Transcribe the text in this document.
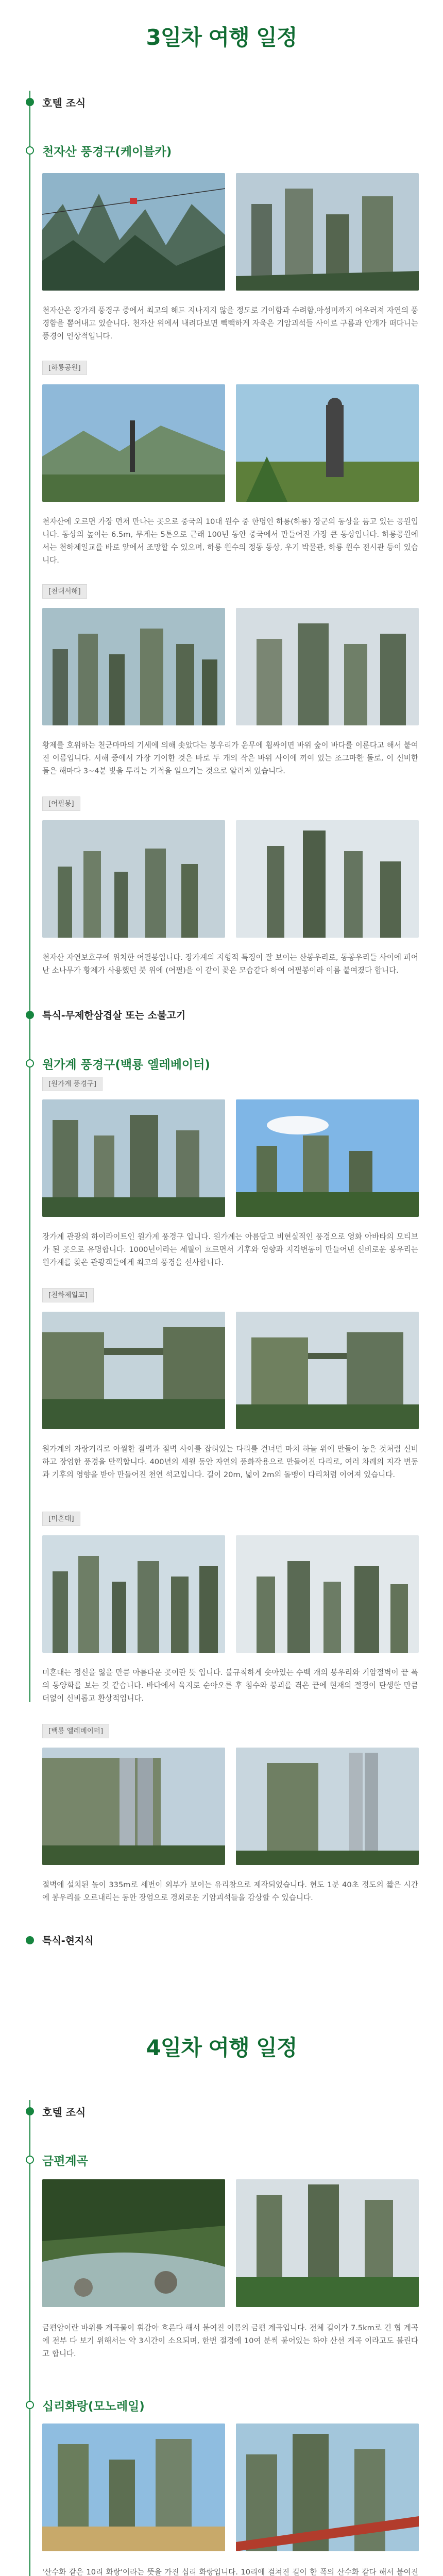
3일차 여행 일정
호텔 조식
천자산 풍경구(케이블카)
천자산은 장가계 풍경구 중에서 최고의 해드 지나지지 않을 정도로 기이함과 수려함,아성미까지 어우러져 자연의 풍경함을 뽐어내고 있습니다. 천자산 위에서 내려다보면 빽빽하게 자욱은 기암괴석들 사이로 구름과 안개가 떠다니는 풍경이 인상적입니다.
[하룡공원]
천자산에 오르면 가장 먼저 만나는 곳으로 중국의 10대 원수 중 한명인 하룡(하룡) 장군의 동상을 품고 있는 공원입니다. 동상의 높이는 6.5m, 무게는 5톤으로 근래 100년 동안 중국에서 만들어진 가장 큰 동상입니다. 하룡공원에서는 천하제일교를 바로 앞에서 조망할 수 있으며, 하룡 원수의 정동 동상, 우기 박물관, 하룡 원수 전시관 등이 있습니다.
[천대서해]
황제를 호위하는 천군마마의 기세에 의해 솟았다는 봉우리가 운무에 휩싸이면 바위 숲이 바다를 이룬다고 해서 붙여진 이름입니다. 서해 중에서 가장 기이한 것은 바로 두 개의 작은 바위 사이에 끼여 있는 조그마한 돌로, 이 신비한 돌은 해마다 3~4분 빛을 투리는 기적을 일으키는 것으로 알려져 있습니다.
[어필봉]
천자산 자연보호구에 위치한 어필봉입니다. 장가계의 지형적 특징이 잘 보이는 산봉우리로, 동봉우리들 사이에 피어난 소나무가 황제가 사용했던 붓 위에 (어필)을 이 같이 꽂은 모습같다 하여 어필봉이라 이름 붙여졌다 합니다.
특식-무제한삼겹살 또는 소불고기
원가계 풍경구(백룡 엘레베이터)
[원가계 풍경구]
장가계 관광의 하이라이트인 원가계 풍경구 입니다. 원가계는 아름답고 비현실적인 풍경으로 영화 아바타의 모티브가 된 곳으로 유명합니다. 1000년이라는 세월이 흐르면서 기후와 영향과 지각변동이 만들어낸 신비로운 봉우리는 원가계를 찾은 관광객들에게 최고의 풍경을 선사합니다.
[천하제일교]
원가계의 자랑거리로 아찔한 절벽과 절벽 사이를 잡혀있는 다리를 건너면 마치 하늘 위에 만들어 놓은 것처럼 신비하고 장엄한 풍경을 만끽합니다. 400년의 세월 동안 자연의 풍화작용으로 만들어진 다리로, 여러 차례의 지각 변동과 기후의 영향을 받아 만들어진 천연 석교입니다. 길이 20m, 넓이 2m의 돌맹이 다리처럼 이어져 있습니다.
[미혼대]
미혼대는 정신을 잃을 만큼 아름다운 곳이란 뜻 입니다. 불규칙하게 솟아있는 수백 개의 봉우리와 기암절벽이 끝 폭의 동양화를 보는 것 같습니다. 바다에서 육지로 순아오른 후 침수와 붕괴를 겪은 끝에 현재의 절경이 탄생한 만큼 더없이 신비롭고 환상적입니다.
[백룡 엘레베이터]
절벽에 설치된 높이 335m로 세번이 외부가 보이는 유리창으로 제작되었습니다. 현도 1분 40초 정도의 짧은 시간에 봉우리를 오르내리는 동안 장엄으로 경외로운 기암괴석들을 감상할 수 있습니다.
특식-현지식
4일차 여행 일정
호텔 조식
금편계곡
금편암이란 바위를 계곡물이 휘감아 흐른다 해서 붙여진 이름의 금편 계곡입니다. 전체 길이가 7.5km로 긴 협 계곡에 전부 다 보기 위해서는 약 3시간이 소요되며, 한번 절경에 10여 분씩 붙어있는 하야 산선 계곡 이라고도 불린다고 합니다.
십리화랑(모노레일)
'산수화 같은 10리 화랑'이라는 뜻을 가진 십리 화랑입니다. 10리에 걸쳐진 길이 한 폭의 산수화 같다 해서 붙여진
